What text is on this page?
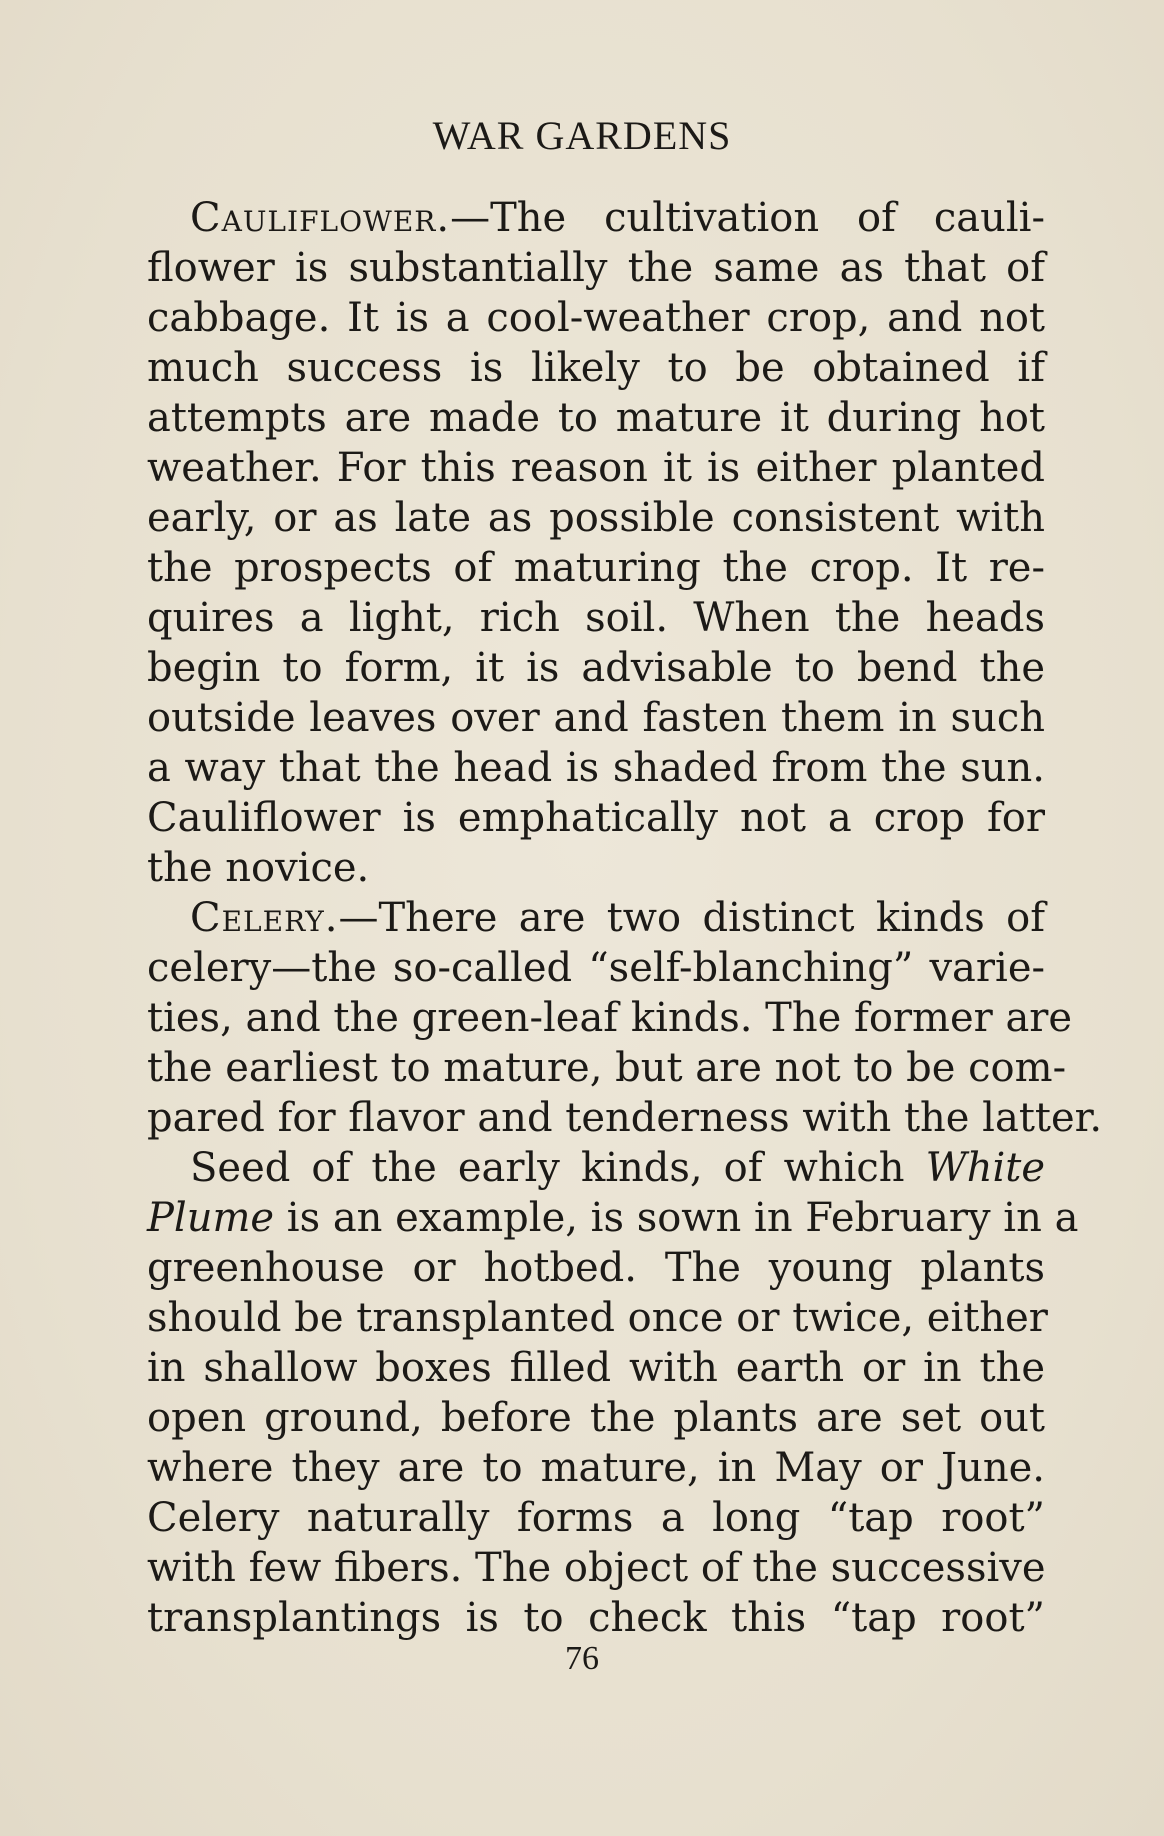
WAR GARDENS
Cauliflower.—The cultivation of cauli-
flower is substantially the same as that of
cabbage. It is a cool-weather crop, and not
much success is likely to be obtained if
attempts are made to mature it during hot
weather. For this reason it is either planted
early, or as late as possible consistent with
the prospects of maturing the crop. It re-
quires a light, rich soil. When the heads
begin to form, it is advisable to bend the
outside leaves over and fasten them in such
a way that the head is shaded from the sun.
Cauliflower is emphatically not a crop for
the novice.
Celery.—There are two distinct kinds of
celery—the so-called “self-blanching” varie-
ties, and the green-leaf kinds. The former are
the earliest to mature, but are not to be com-
pared for flavor and tenderness with the latter.
Seed of the early kinds, of which White
Plume is an example, is sown in February in a
greenhouse or hotbed. The young plants
should be transplanted once or twice, either
in shallow boxes filled with earth or in the
open ground, before the plants are set out
where they are to mature, in May or June.
Celery naturally forms a long “tap root”
with few fibers. The object of the successive
transplantings is to check this “tap root”
76
